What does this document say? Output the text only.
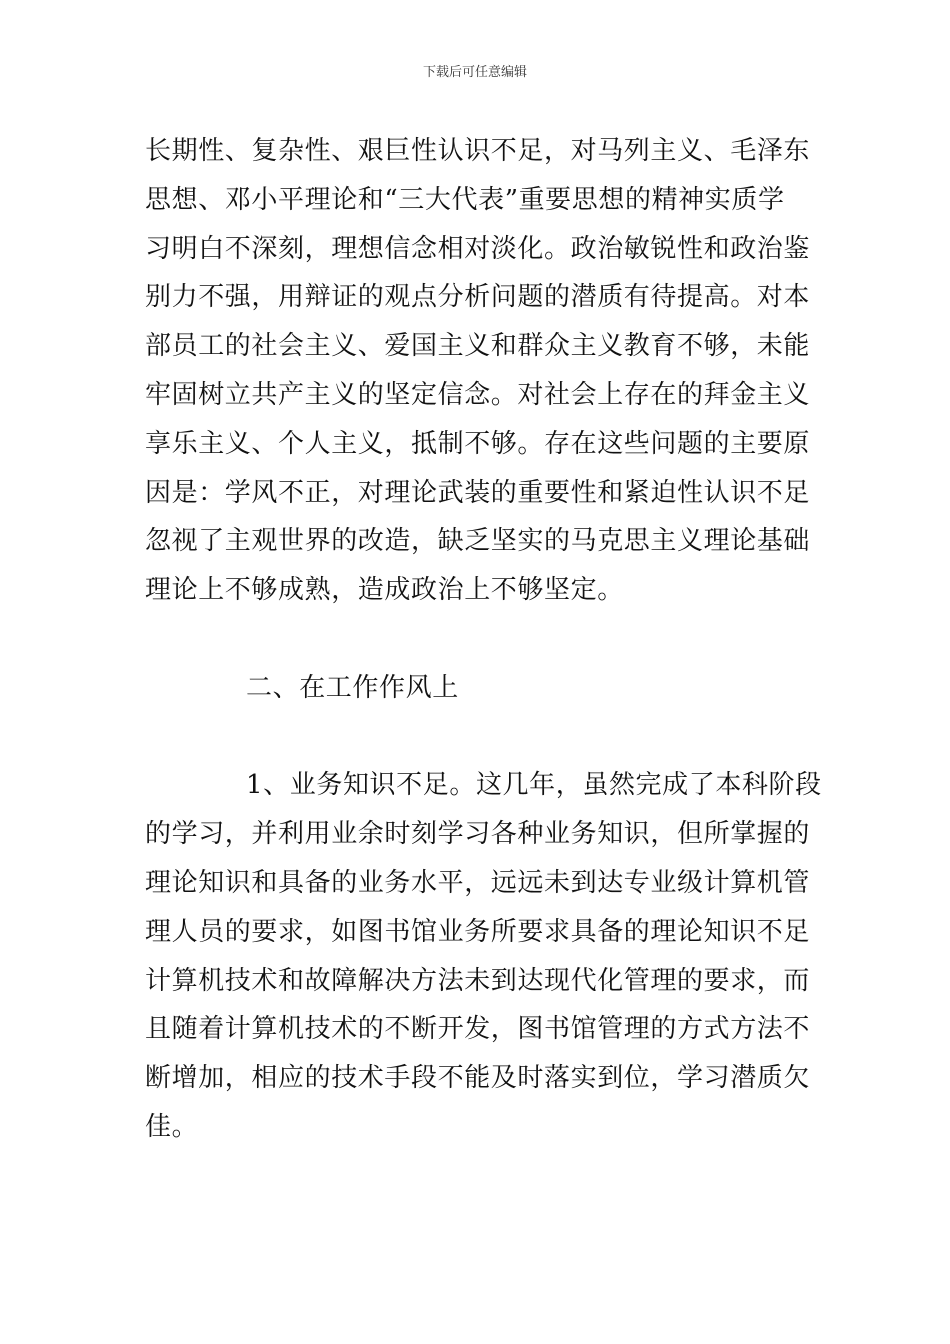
下载后可任意编辑
长期性、复杂性、艰巨性认识不足，对马列主义、毛泽东
思想、邓小平理论和“三大代表”重要思想的精神实质学
习明白不深刻，理想信念相对淡化。政治敏锐性和政治鉴
别力不强，用辩证的观点分析问题的潜质有待提高。对本
部员工的社会主义、爱国主义和群众主义教育不够，未能
牢固树立共产主义的坚定信念。对社会上存在的拜金主义
享乐主义、个人主义，抵制不够。存在这些问题的主要原
因是：学风不正，对理论武装的重要性和紧迫性认识不足
忽视了主观世界的改造，缺乏坚实的马克思主义理论基础
理论上不够成熟，造成政治上不够坚定。
二、在工作作风上
1、业务知识不足。这几年，虽然完成了本科阶段
的学习，并利用业余时刻学习各种业务知识，但所掌握的
理论知识和具备的业务水平，远远未到达专业级计算机管
理人员的要求，如图书馆业务所要求具备的理论知识不足
计算机技术和故障解决方法未到达现代化管理的要求，而
且随着计算机技术的不断开发，图书馆管理的方式方法不
断增加，相应的技术手段不能及时落实到位，学习潜质欠
佳。
